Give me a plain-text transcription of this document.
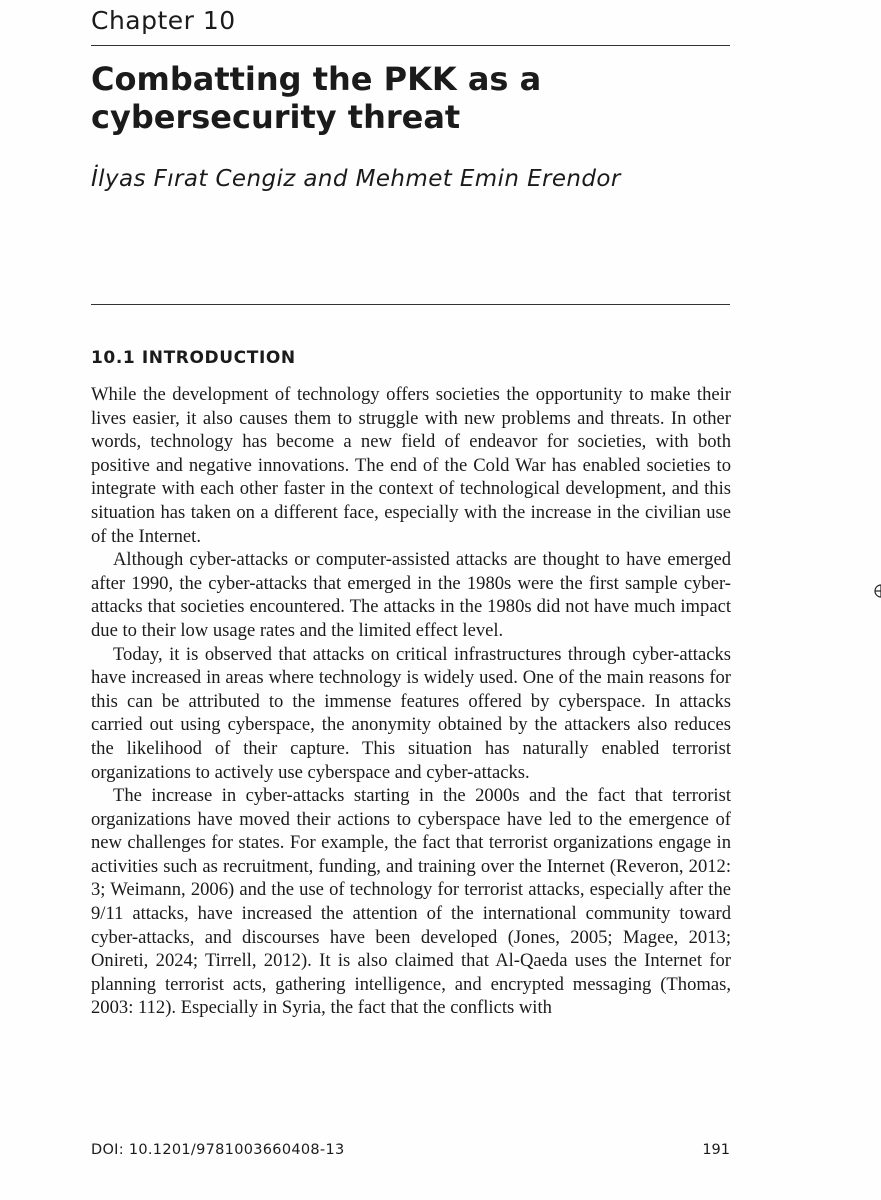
Chapter 10
Combatting the PKK as a cybersecurity threat
İlyas Fırat Cengiz and Mehmet Emin Erendor
10.1 INTRODUCTION

While the development of technology offers societies the opportunity to make their lives easier, it also causes them to struggle with new problems and threats. In other words, technology has become a new field of endeavor for societies, with both positive and negative innovations. The end of the Cold War has enabled societies to integrate with each other faster in the context of technological development, and this situation has taken on a different face, especially with the increase in the civilian use of the Internet.

Although cyber-attacks or computer-assisted attacks are thought to have emerged after 1990, the cyber-attacks that emerged in the 1980s were the first sample cyber-attacks that societies encountered. The attacks in the 1980s did not have much impact due to their low usage rates and the limited effect level.

Today, it is observed that attacks on critical infrastructures through cyber-attacks have increased in areas where technology is widely used. One of the main reasons for this can be attributed to the immense features offered by cyberspace. In attacks carried out using cyberspace, the anonymity obtained by the attackers also reduces the likelihood of their capture. This situation has naturally enabled terrorist organizations to actively use cyberspace and cyber-attacks.

The increase in cyber-attacks starting in the 2000s and the fact that terrorist organizations have moved their actions to cyberspace have led to the emergence of new challenges for states. For example, the fact that terrorist organizations engage in activities such as recruitment, funding, and training over the Internet (Reveron, 2012: 3; Weimann, 2006) and the use of technology for terrorist attacks, especially after the 9/11 attacks, have increased the attention of the international community toward cyber-attacks, and discourses have been developed (Jones, 2005; Magee, 2013; Onireti, 2024; Tirrell, 2012). It is also claimed that Al-Qaeda uses the Internet for planning terrorist acts, gathering intelligence, and encrypted messaging (Thomas, 2003: 112). Especially in Syria, the fact that the conflicts with

DOI: 10.1201/9781003660408-13	191
